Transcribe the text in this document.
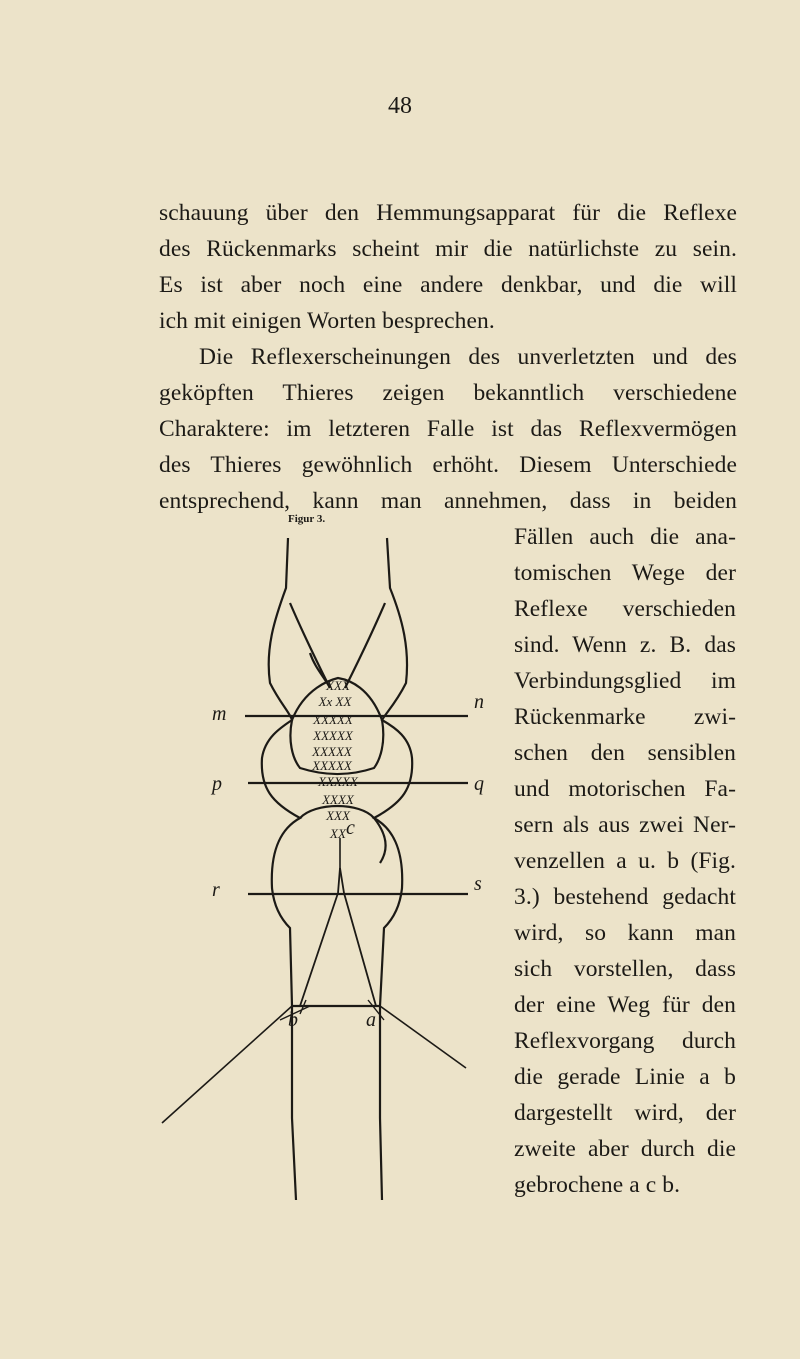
48
schauung über den Hemmungsapparat für die Reflexe
des Rückenmarks scheint mir die natürlichste zu sein.
Es ist aber noch eine andere denkbar, und die will
ich mit einigen Worten besprechen.
Die Reflexerscheinungen des unverletzten und des
geköpften Thieres zeigen bekanntlich verschiedene
Charaktere: im letzteren Falle ist das Reflexvermögen
des Thieres gewöhnlich erhöht. Diesem Unterschiede
entsprechend, kann man annehmen, dass in beiden
Figur 3.
Fällen auch die ana-
tomischen Wege der
Reflexe verschieden
sind. Wenn z. B. das
Verbindungsglied im
Rückenmarke zwi-
schen den sensiblen
und motorischen Fa-
sern als aus zwei Ner-
venzellen a u. b (Fig.
3.) bestehend gedacht
wird, so kann man
sich vorstellen, dass
der eine Weg für den
Reflexvorgang durch
die gerade Linie a b
dargestellt wird, der
zweite aber durch die
gebrochene a c b.
XXX
Xx XX
XXXXX
XXXXX
XXXXX
XXXXX
XXXXX
XXXX
XXX
XX
m
n
p	q
r	s
c
b	a
